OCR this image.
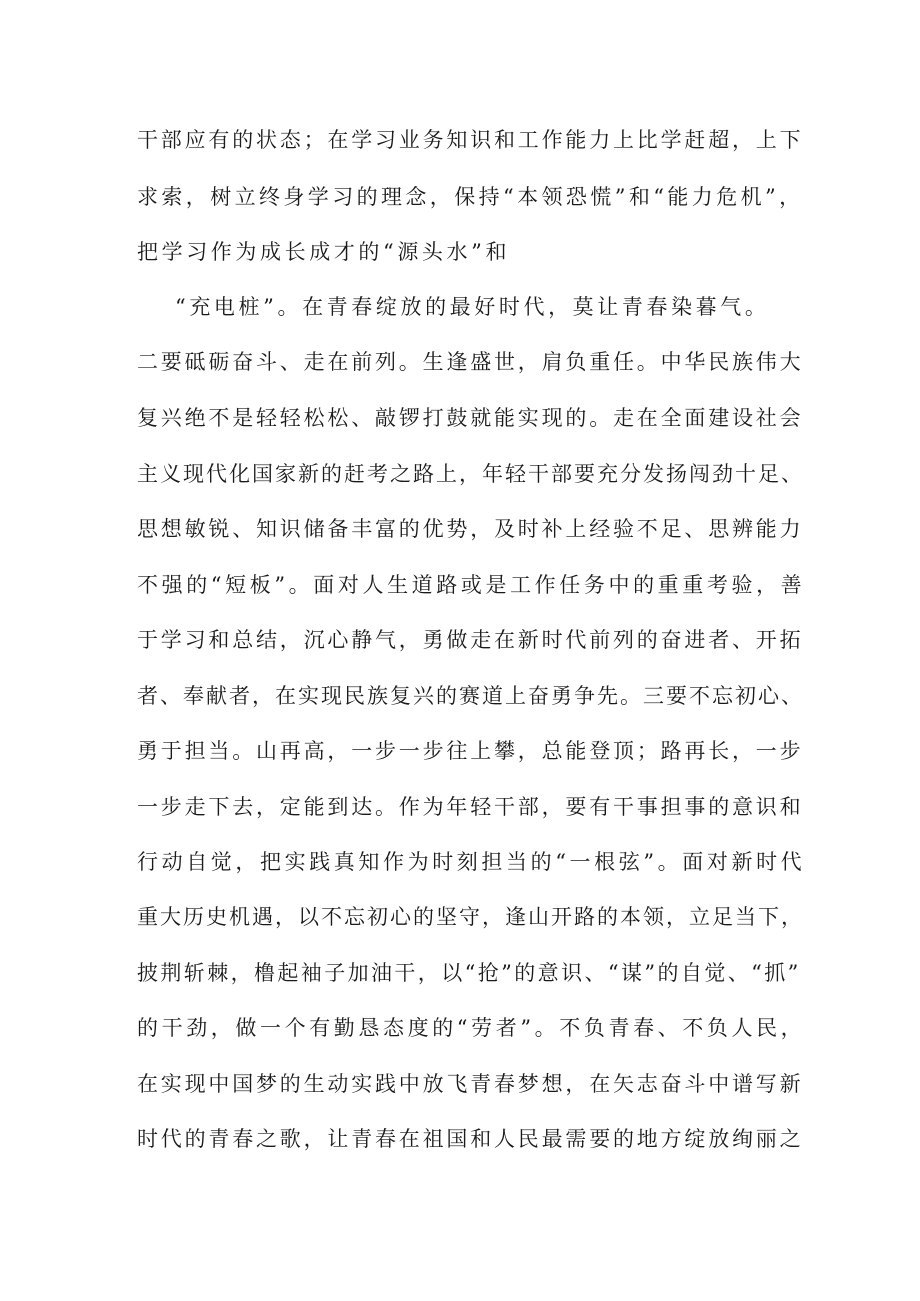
干部应有的状态；在学习业务知识和工作能力上比学赶超，上下
求索，树立终身学习的理念，保持“本领恐慌”和“能力危机”，
把学习作为成长成才的“源头水”和
“充电桩”。在青春绽放的最好时代，莫让青春染暮气。
二要砥砺奋斗、走在前列。生逢盛世，肩负重任。中华民族伟大
复兴绝不是轻轻松松、敲锣打鼓就能实现的。走在全面建设社会
主义现代化国家新的赶考之路上，年轻干部要充分发扬闯劲十足、
思想敏锐、知识储备丰富的优势，及时补上经验不足、思辨能力
不强的“短板”。面对人生道路或是工作任务中的重重考验，善
于学习和总结，沉心静气，勇做走在新时代前列的奋进者、开拓
者、奉献者，在实现民族复兴的赛道上奋勇争先。三要不忘初心、
勇于担当。山再高，一步一步往上攀，总能登顶；路再长，一步
一步走下去，定能到达。作为年轻干部，要有干事担事的意识和
行动自觉，把实践真知作为时刻担当的“一根弦”。面对新时代
重大历史机遇，以不忘初心的坚守，逢山开路的本领，立足当下，
披荆斩棘，橹起袖子加油干，以“抢”的意识、“谋”的自觉、“抓”
的干劲，做一个有勤恳态度的“劳者”。不负青春、不负人民，
在实现中国梦的生动实践中放飞青春梦想，在矢志奋斗中谱写新
时代的青春之歌，让青春在祖国和人民最需要的地方绽放绚丽之
